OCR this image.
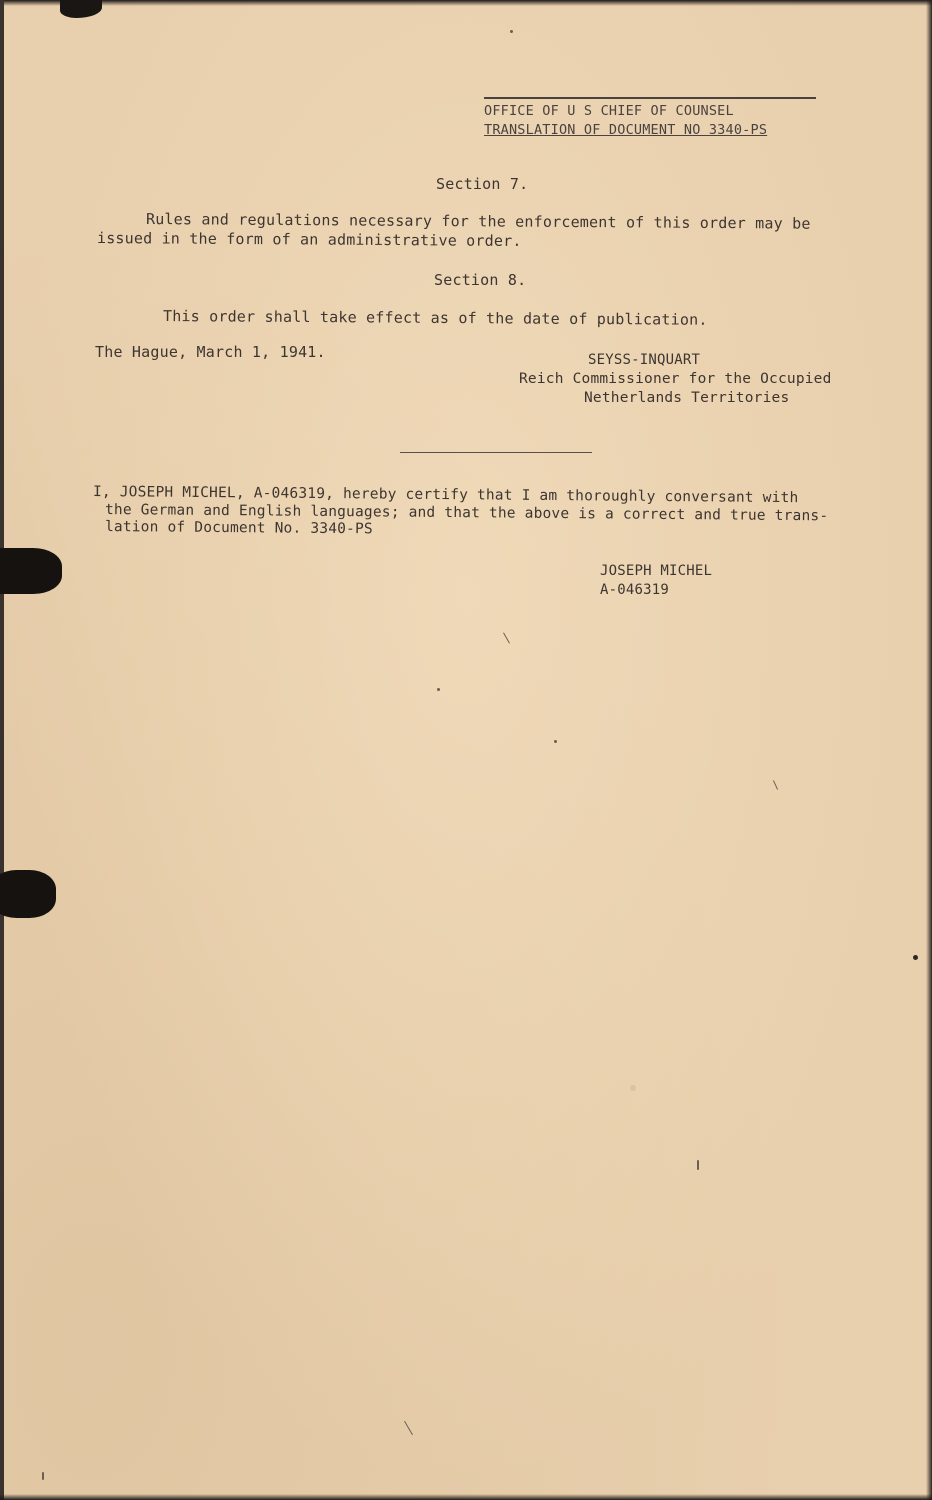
OFFICE OF U S CHIEF OF COUNSEL
TRANSLATION OF DOCUMENT NO 3340-PS
Section 7.
Rules and regulations necessary for the enforcement of this order may be
issued in the form of an administrative order.
Section 8.
This order shall take effect as of the date of publication.
The Hague, March 1, 1941.	SEYSS-INQUART
Reich Commissioner for the Occupied
Netherlands Territories
I, JOSEPH MICHEL, A-046319, hereby certify that I am thoroughly conversant with
the German and English languages; and that the above is a correct and true trans-
lation of Document No. 3340-PS
JOSEPH MICHEL
A-046319
